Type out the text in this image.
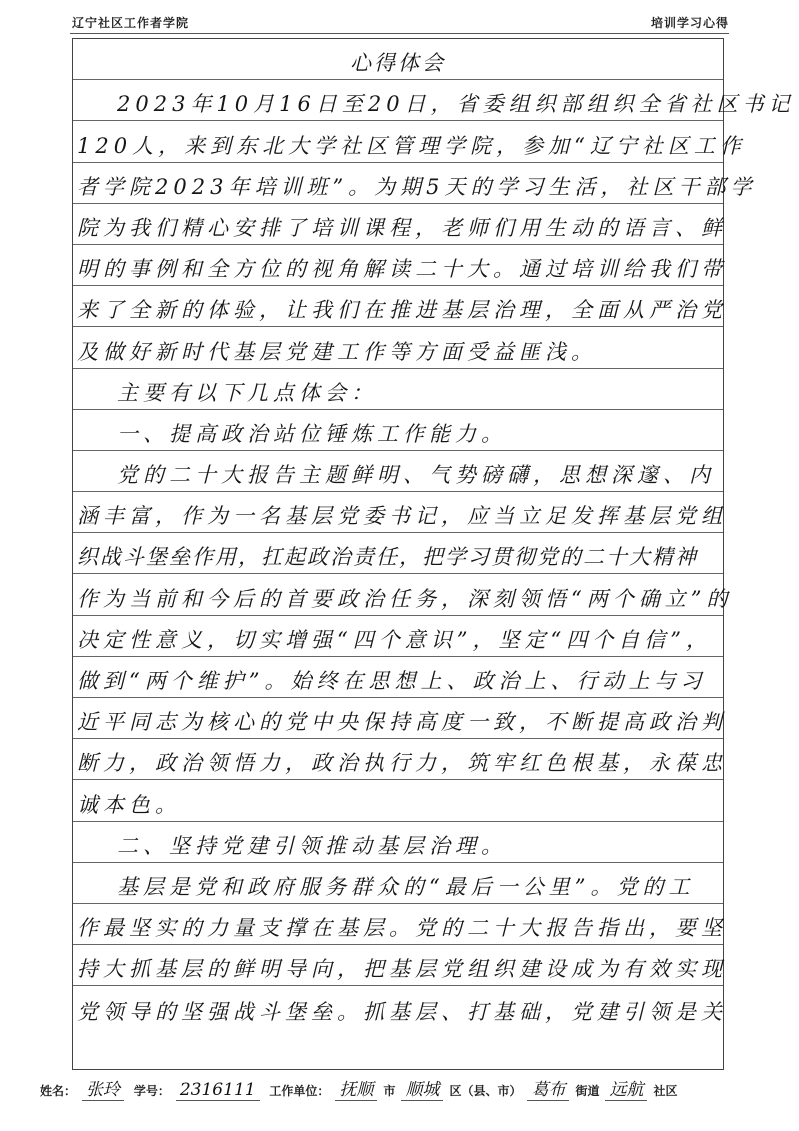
辽宁社区工作者学院	培训学习心得
心得体会
2023年10月16日至20日，省委组织部组织全省社区书记
120人，来到东北大学社区管理学院，参加“辽宁社区工作
者学院2023年培训班”。为期5天的学习生活，社区干部学
院为我们精心安排了培训课程，老师们用生动的语言、鲜
明的事例和全方位的视角解读二十大。通过培训给我们带
来了全新的体验，让我们在推进基层治理，全面从严治党
及做好新时代基层党建工作等方面受益匪浅。
主要有以下几点体会：
一、提高政治站位锤炼工作能力。
党的二十大报告主题鲜明、气势磅礴，思想深邃、内
涵丰富，作为一名基层党委书记，应当立足发挥基层党组
织战斗堡垒作用，扛起政治责任，把学习贯彻党的二十大精神
作为当前和今后的首要政治任务，深刻领悟“两个确立”的
决定性意义，切实增强“四个意识”，坚定“四个自信”，
做到“两个维护”。始终在思想上、政治上、行动上与习
近平同志为核心的党中央保持高度一致，不断提高政治判
断力，政治领悟力，政治执行力，筑牢红色根基，永葆忠
诚本色。
二、坚持党建引领推动基层治理。
基层是党和政府服务群众的“最后一公里”。党的工
作最坚实的力量支撑在基层。党的二十大报告指出，要坚
持大抓基层的鲜明导向，把基层党组织建设成为有效实现
党领导的坚强战斗堡垒。抓基层、打基础，党建引领是关
姓名： 张玲 学号： 2316111 工作单位： 抚顺 市 顺城 区（县、市） 葛布 街道 远航 社区
